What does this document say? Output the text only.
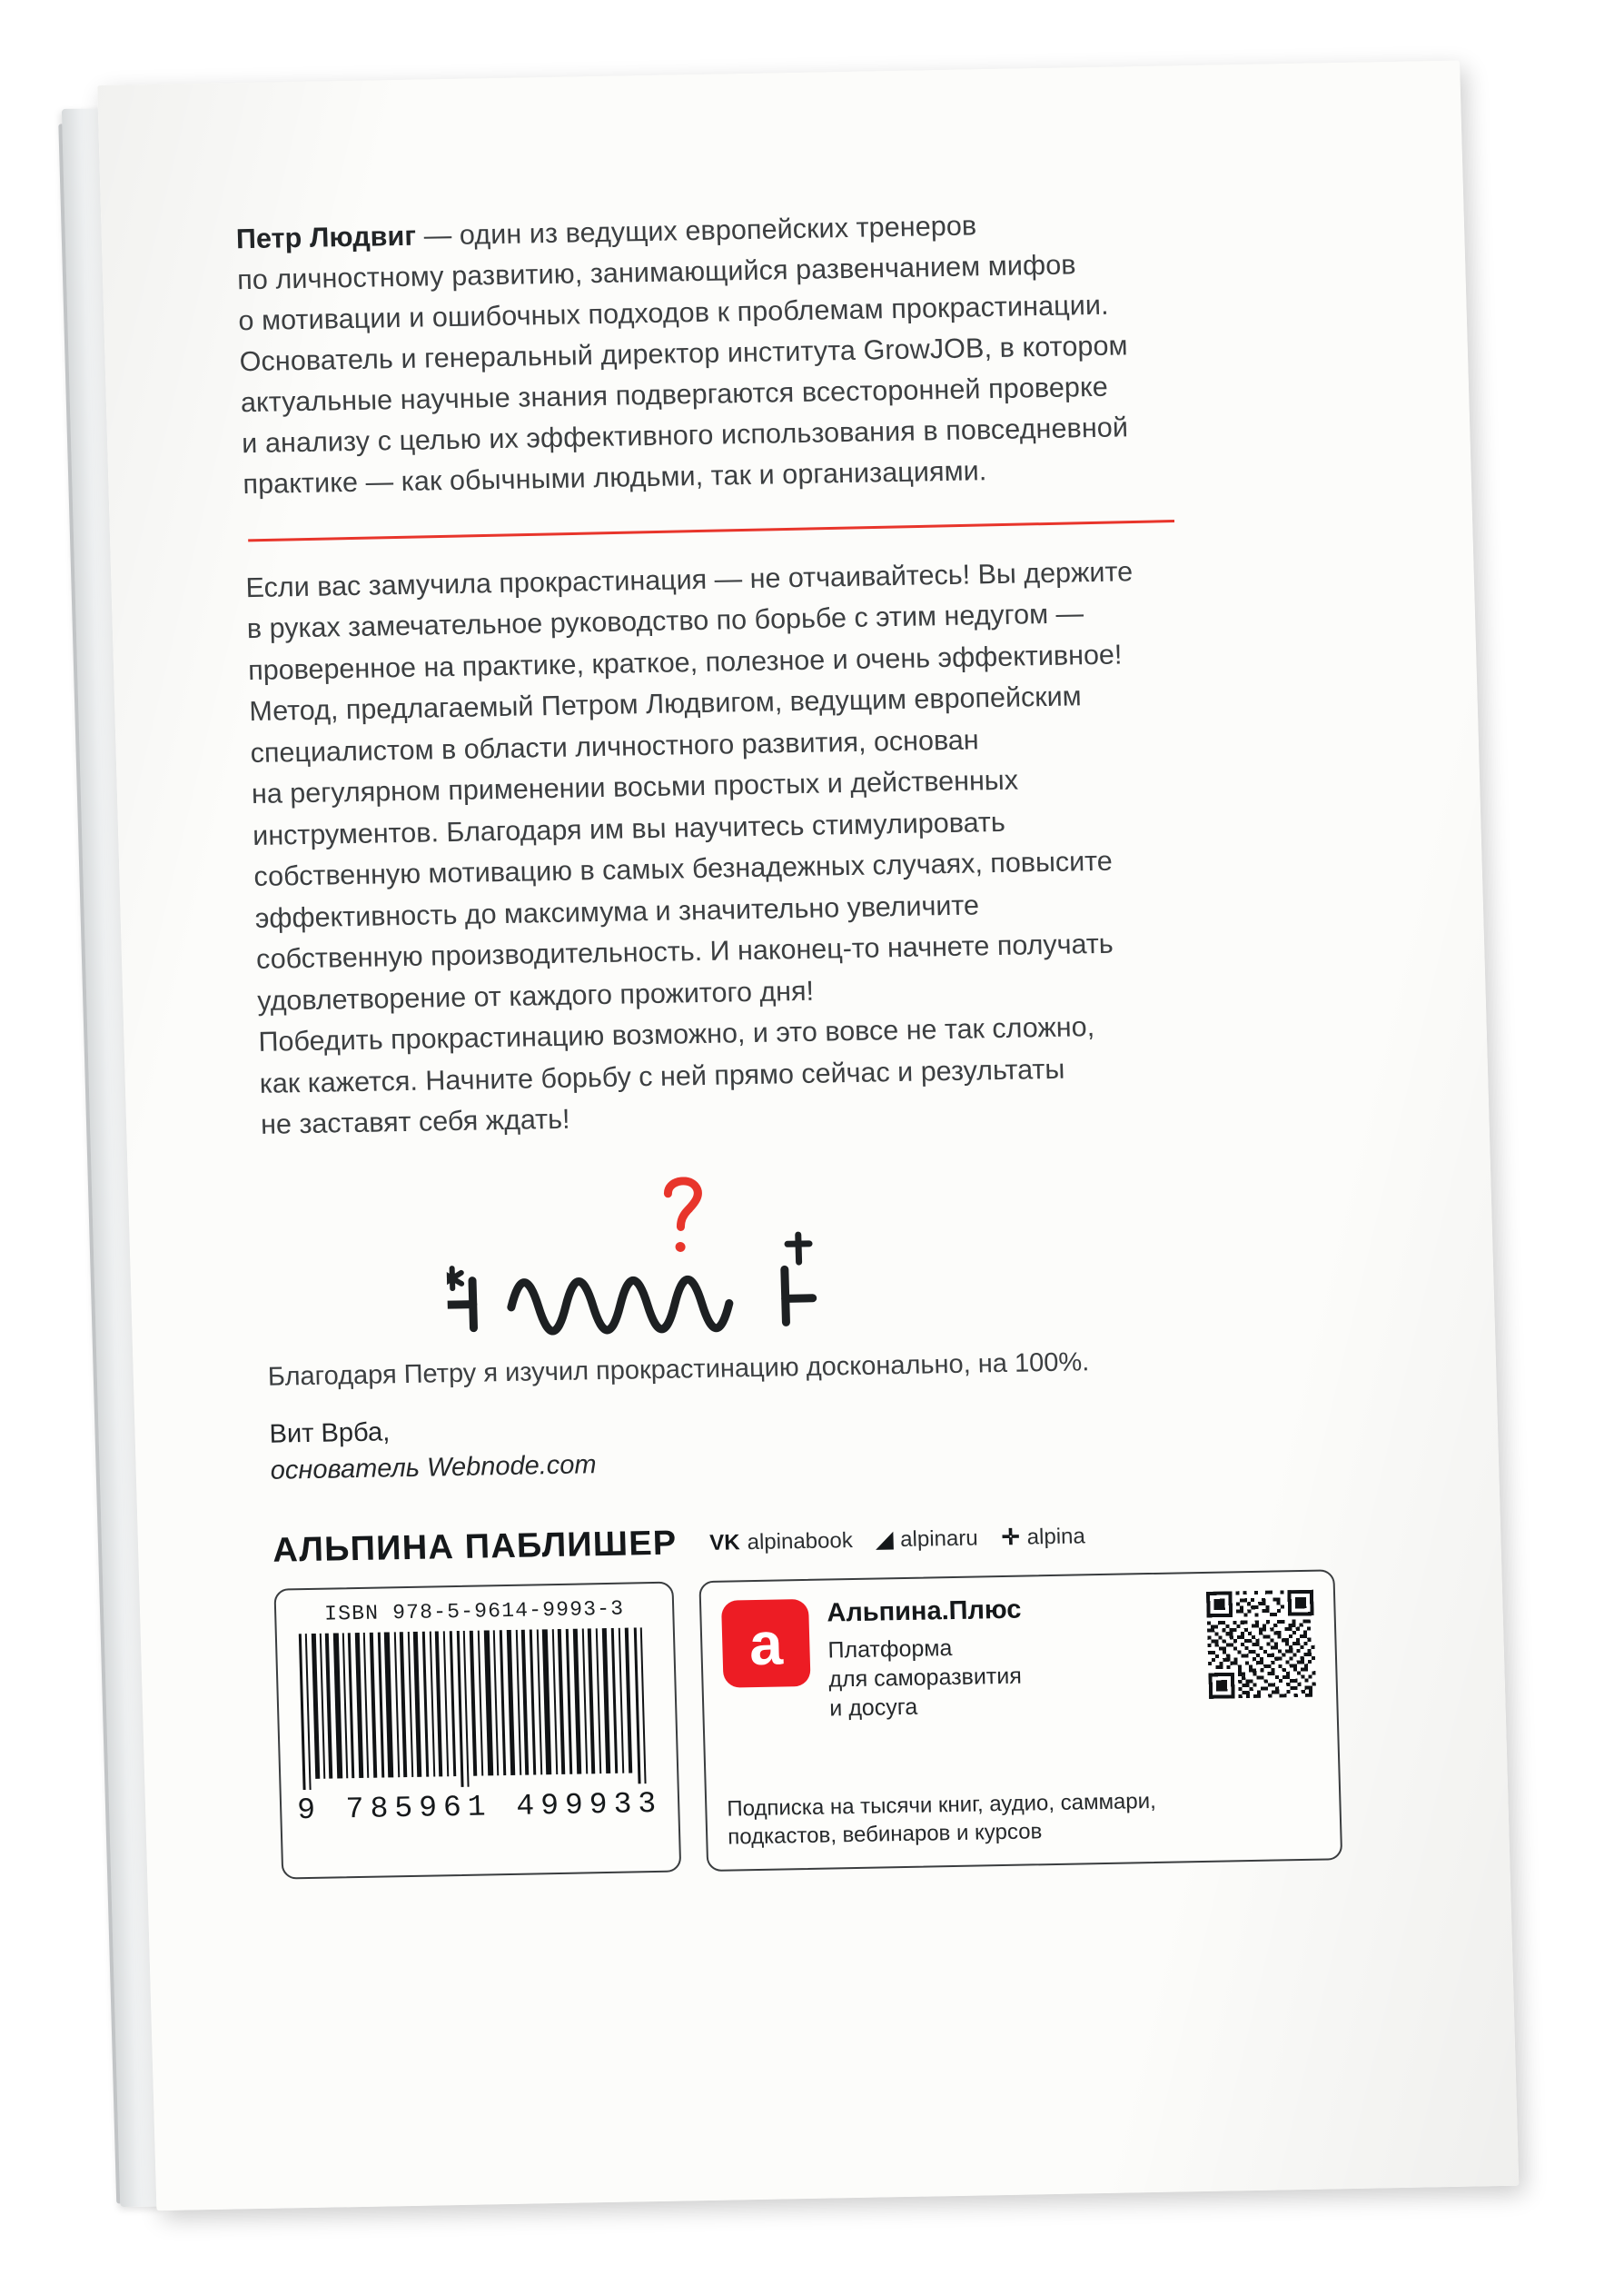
Петр Людвиг — один из ведущих европейских тренеров
по личностному развитию, занимающийся развенчанием мифов
о мотивации и ошибочных подходов к проблемам прокрастинации.
Основатель и генеральный директор института GrowJOB, в котором
актуальные научные знания подвергаются всесторонней проверке
и анализу с целью их эффективного использования в повседневной
практике — как обычными людьми, так и организациями.
Если вас замучила прокрастинация — не отчаивайтесь! Вы держите
в руках замечательное руководство по борьбе с этим недугом —
проверенное на практике, краткое, полезное и очень эффективное!
Метод, предлагаемый Петром Людвигом, ведущим европейским
специалистом в области личностного развития, основан
на регулярном применении восьми простых и действенных
инструментов. Благодаря им вы научитесь стимулировать
собственную мотивацию в самых безнадежных случаях, повысите
эффективность до максимума и значительно увеличите
собственную производительность. И наконец-то начнете получать
удовлетворение от каждого прожитого дня!
Победить прокрастинацию возможно, и это вовсе не так сложно,
как кажется. Начните борьбу с ней прямо сейчас и результаты
не заставят себя ждать!
Благодаря Петру я изучил прокрастинацию досконально, на 100%.
Вит Врба,
основатель Webnode.com
АЛЬПИНА ПАБЛИШЕР VK alpinabook ◢ alpinaru ✛ alpina
ISBN 978-5-9614-9993-3
9 785961 499933
a	Альпина.Плюс
Платформа
для саморазвития
и досуга
Подписка на тысячи книг, аудио, саммари,
подкастов, вебинаров и курсов
